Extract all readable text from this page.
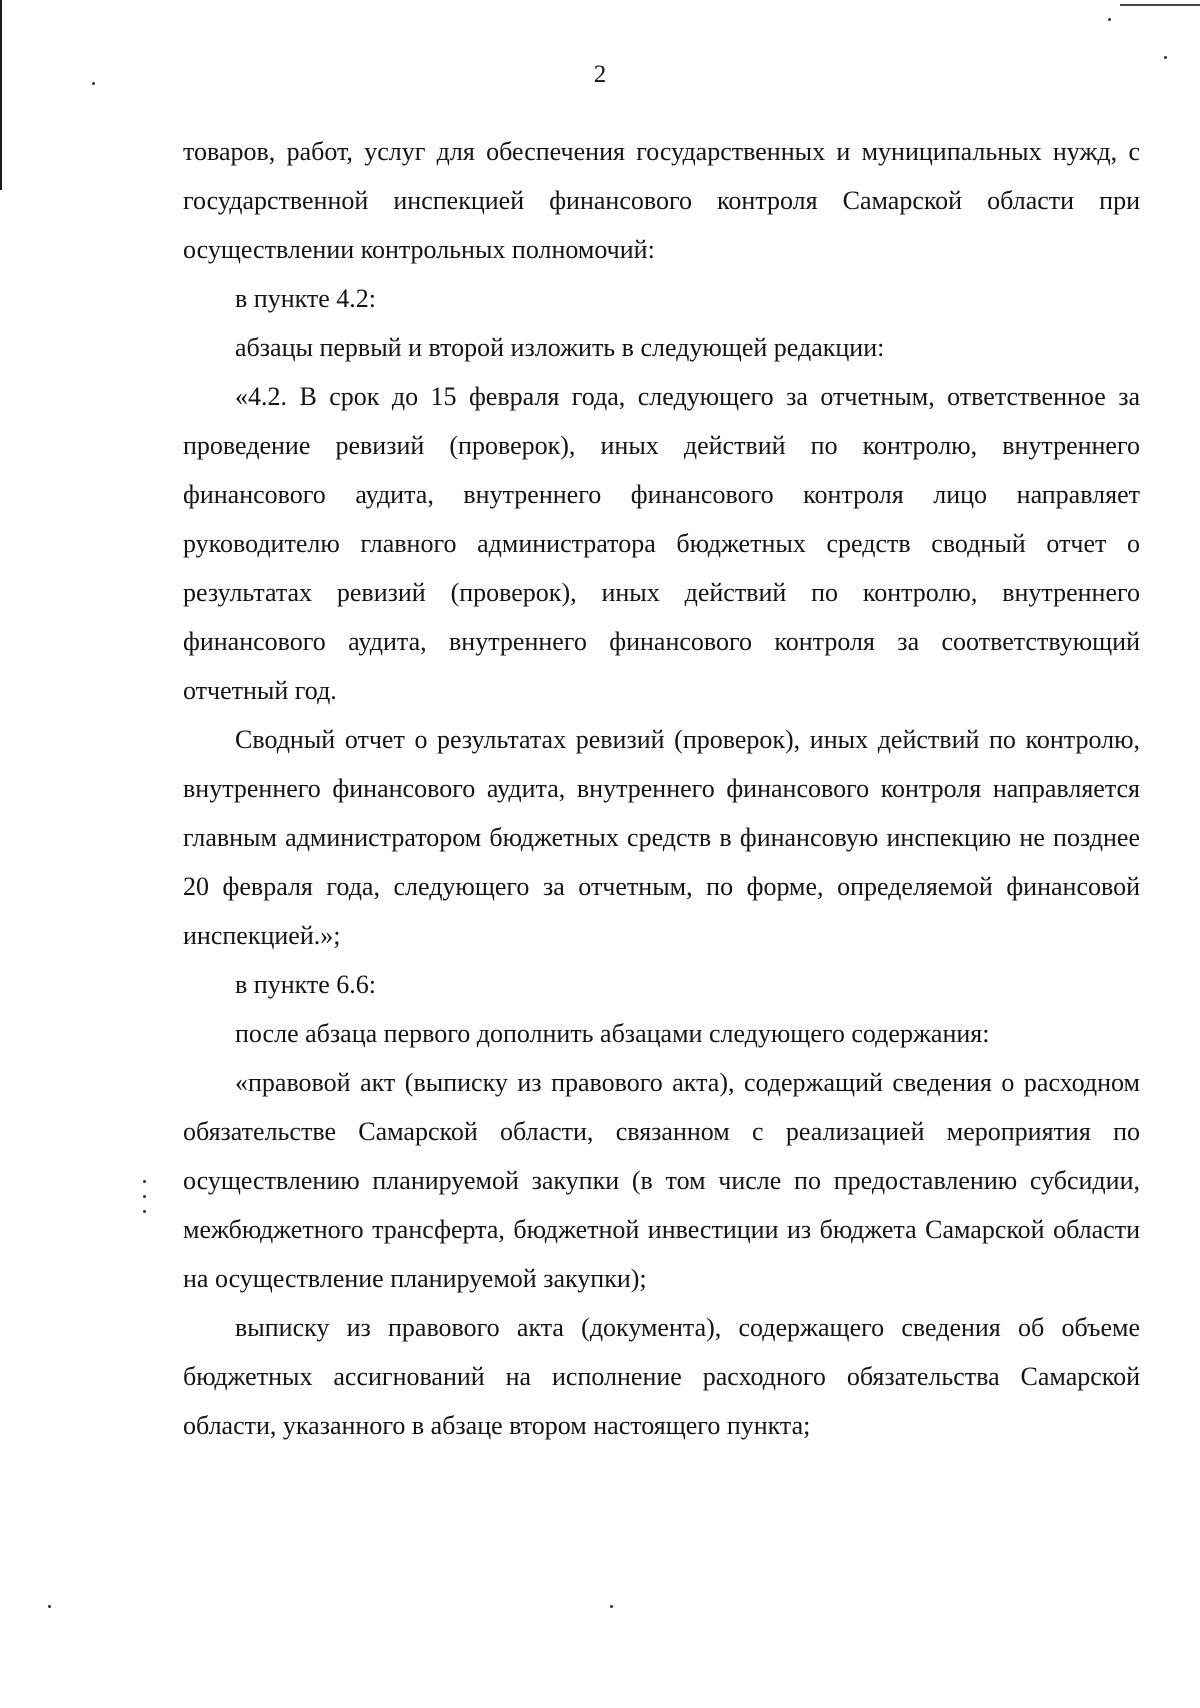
2

товаров, работ, услуг для обеспечения государственных и муниципальных нужд, с государственной инспекцией финансового контроля Самарской области при осуществлении контрольных полномочий:

в пункте 4.2:

абзацы первый и второй изложить в следующей редакции:

«4.2. В срок до 15 февраля года, следующего за отчетным, ответственное за проведение ревизий (проверок), иных действий по контролю, внутреннего финансового аудита, внутреннего финансового контроля лицо направляет руководителю главного администратора бюджетных средств сводный отчет о результатах ревизий (проверок), иных действий по контролю, внутреннего финансового аудита, внутреннего финансового контроля за соответствующий отчетный год.

Сводный отчет о результатах ревизий (проверок), иных действий по контролю, внутреннего финансового аудита, внутреннего финансового контроля направляется главным администратором бюджетных средств в финансовую инспекцию не позднее 20 февраля года, следующего за отчетным, по форме, определяемой финансовой инспекцией.»;

в пункте 6.6:

после абзаца первого дополнить абзацами следующего содержания:

«правовой акт (выписку из правового акта), содержащий сведения о расходном обязательстве Самарской области, связанном с реализацией мероприятия по осуществлению планируемой закупки (в том числе по предоставлению субсидии, межбюджетного трансферта, бюджетной инвестиции из бюджета Самарской области на осуществление планируемой закупки);

выписку из правового акта (документа), содержащего сведения об объеме бюджетных ассигнований на исполнение расходного обязательства Самарской области, указанного в абзаце втором настоящего пункта;
